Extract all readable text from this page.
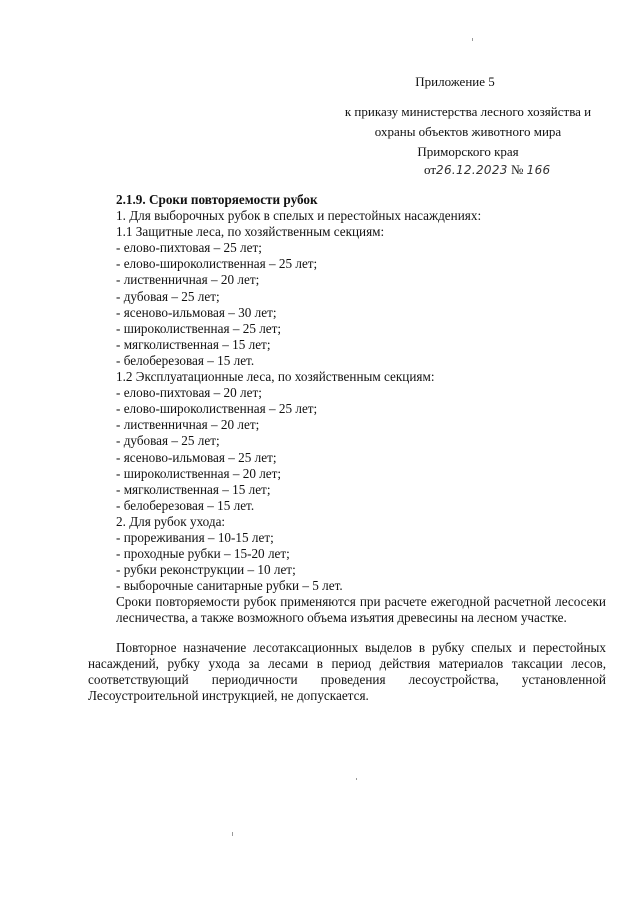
Приложение 5
к приказу министерства лесного хозяйства и
охраны объектов животного мира
Приморского края
от26.12.2023 № 166
2.1.9. Сроки повторяемости рубок
1. Для выборочных рубок в спелых и перестойных насаждениях:
1.1 Защитные леса, по хозяйственным секциям:
- елово-пихтовая – 25 лет;
- елово-широколиственная – 25 лет;
- лиственничная – 20 лет;
- дубовая – 25 лет;
- ясеново-ильмовая – 30 лет;
- широколиственная – 25 лет;
- мягколиственная – 15 лет;
- белоберезовая – 15 лет.
1.2 Эксплуатационные леса, по хозяйственным секциям:
- елово-пихтовая – 20 лет;
- елово-широколиственная – 25 лет;
- лиственничная – 20 лет;
- дубовая – 25 лет;
- ясеново-ильмовая – 25 лет;
- широколиственная – 20 лет;
- мягколиственная – 15 лет;
- белоберезовая – 15 лет.
2. Для рубок ухода:
- прореживания – 10-15 лет;
- проходные рубки – 15-20 лет;
- рубки реконструкции – 10 лет;
- выборочные санитарные рубки – 5 лет.

Сроки повторяемости рубок применяются при расчете ежегодной расчетной лесосеки лесничества, а также возможного объема изъятия древесины на лесном участке.

Повторное назначение лесотаксационных выделов в рубку спелых и перестойных насаждений, рубку ухода за лесами в период действия материалов таксации лесов, соответствующий периодичности проведения лесоустройства, установленной Лесоустроительной инструкцией, не допускается.
